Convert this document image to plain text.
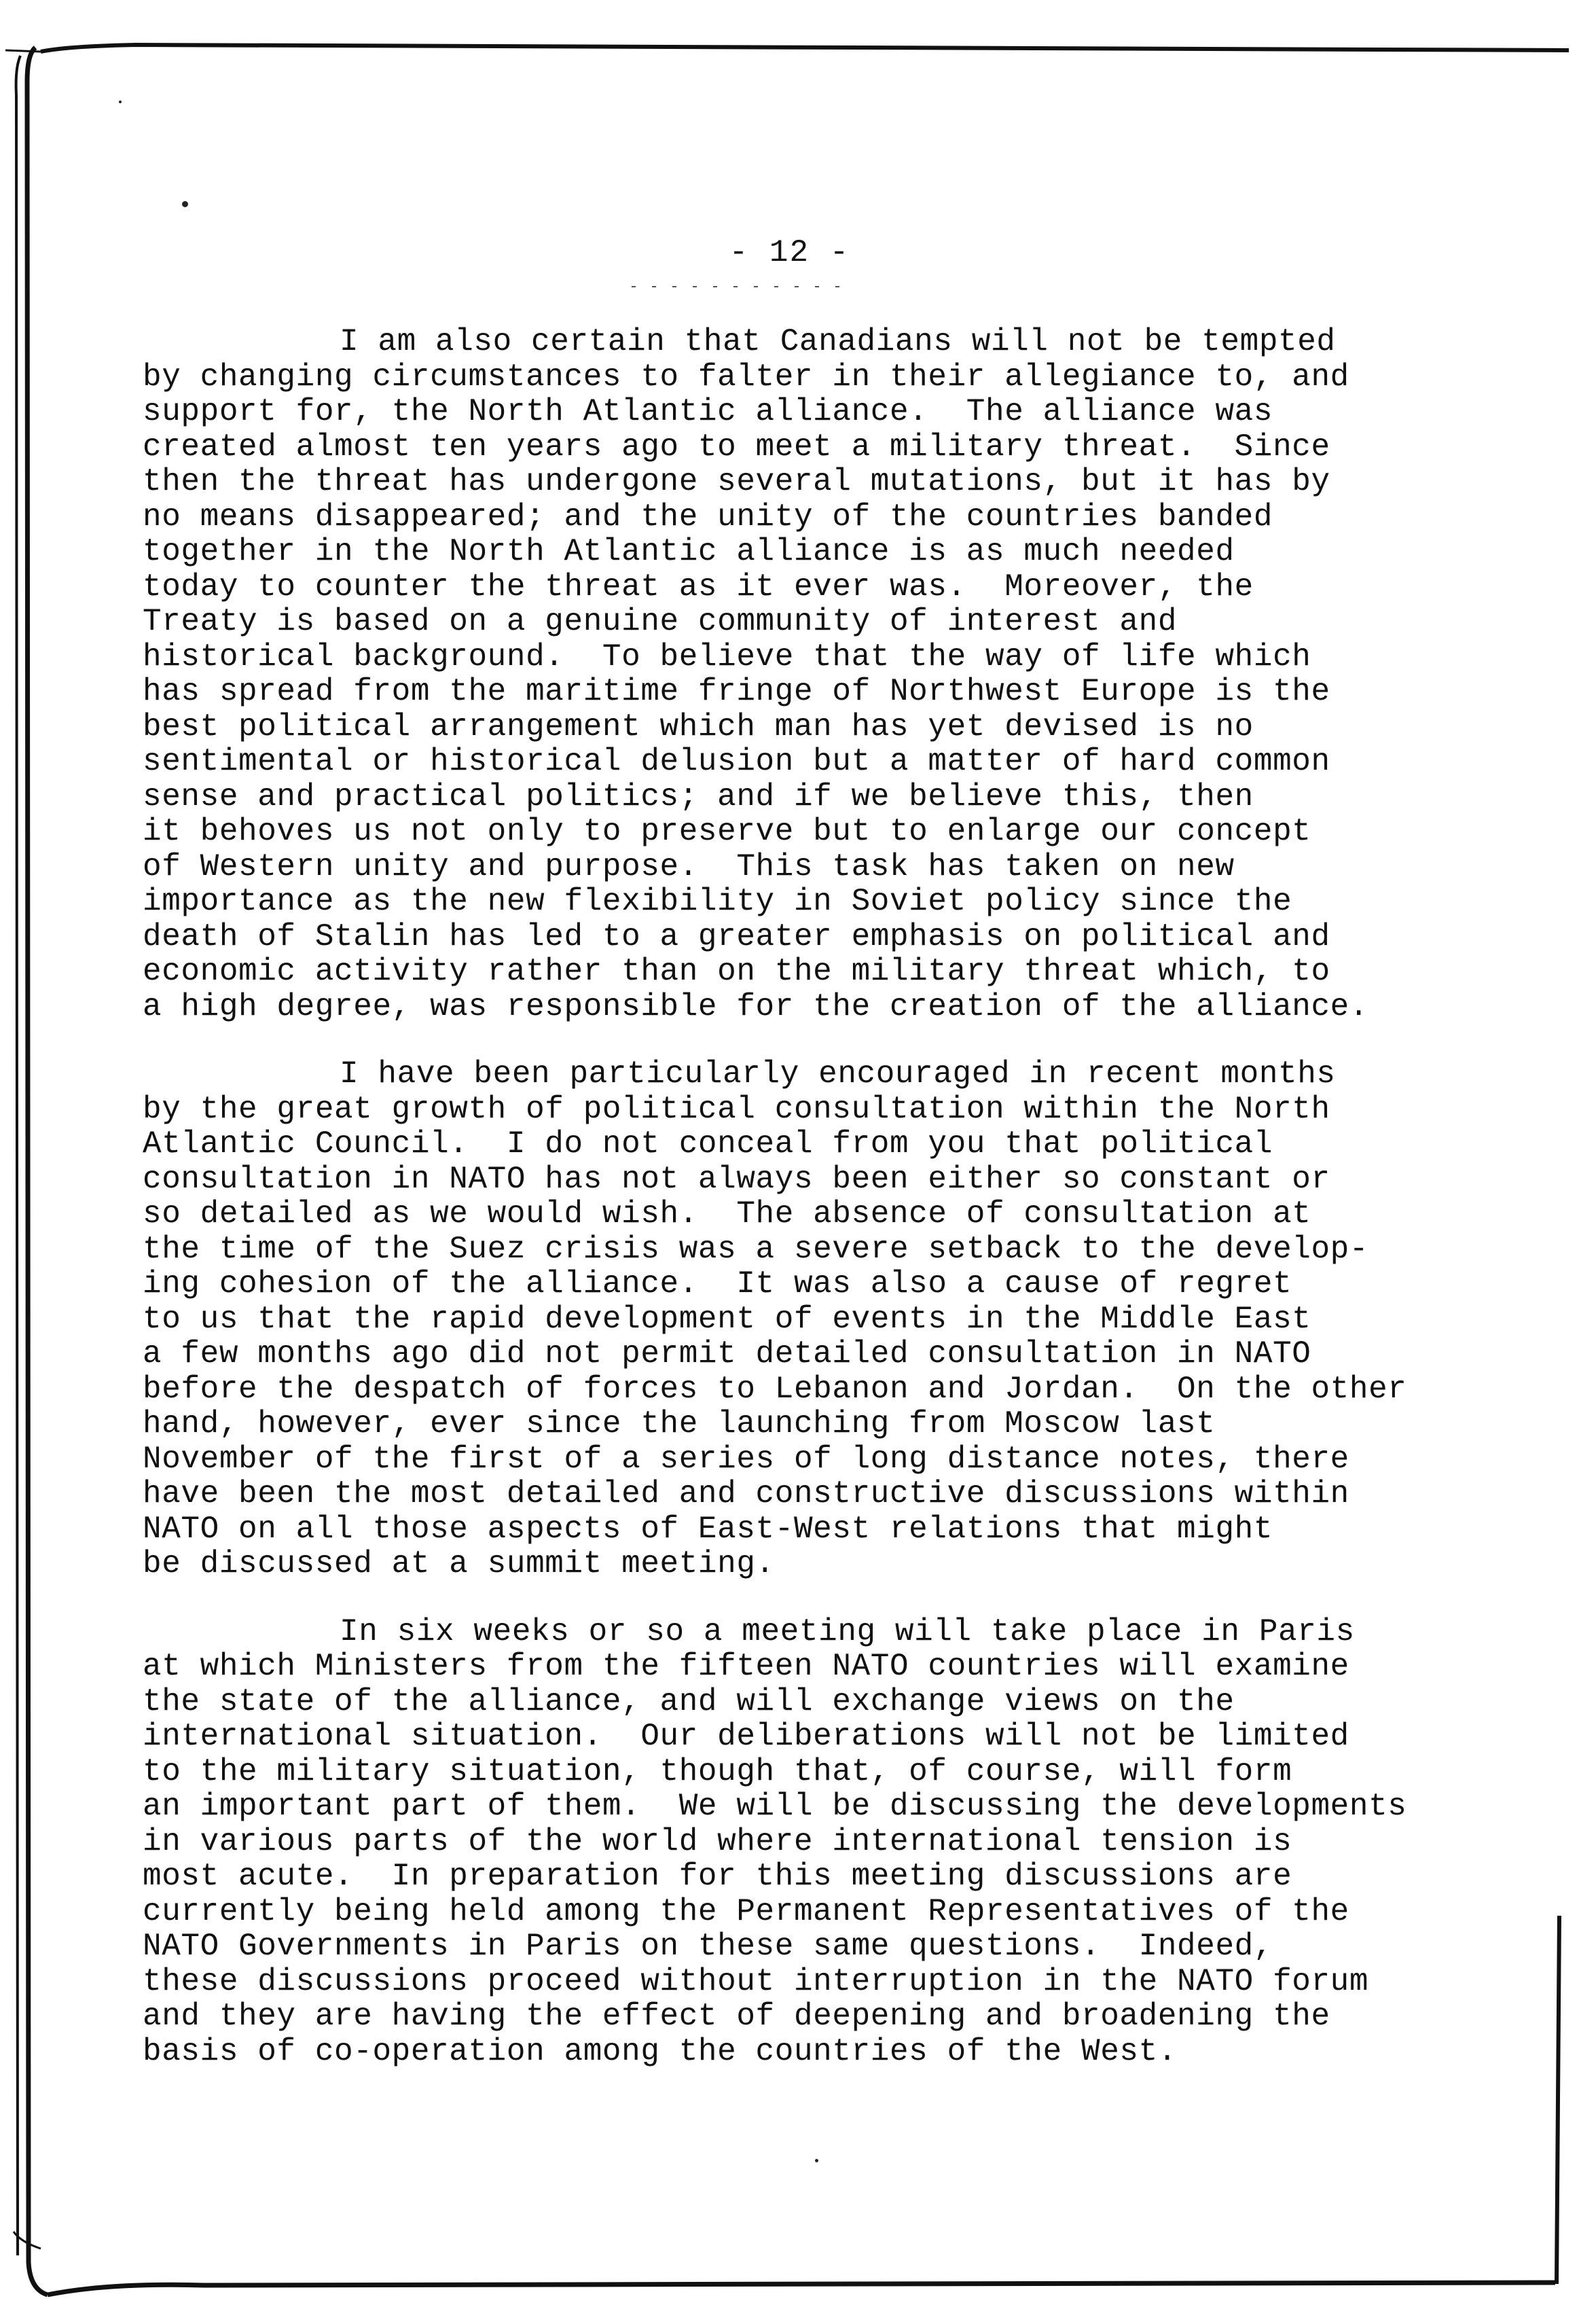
- 12 -
I am also certain that Canadians will not be tempted
by changing circumstances to falter in their allegiance to, and
support for, the North Atlantic alliance.  The alliance was
created almost ten years ago to meet a military threat.  Since
then the threat has undergone several mutations, but it has by
no means disappeared; and the unity of the countries banded
together in the North Atlantic alliance is as much needed
today to counter the threat as it ever was.  Moreover, the
Treaty is based on a genuine community of interest and
historical background.  To believe that the way of life which
has spread from the maritime fringe of Northwest Europe is the
best political arrangement which man has yet devised is no
sentimental or historical delusion but a matter of hard common
sense and practical politics; and if we believe this, then
it behoves us not only to preserve but to enlarge our concept
of Western unity and purpose.  This task has taken on new
importance as the new flexibility in Soviet policy since the
death of Stalin has led to a greater emphasis on political and
economic activity rather than on the military threat which, to
a high degree, was responsible for the creation of the alliance.
I have been particularly encouraged in recent months
by the great growth of political consultation within the North
Atlantic Council.  I do not conceal from you that political
consultation in NATO has not always been either so constant or
so detailed as we would wish.  The absence of consultation at
the time of the Suez crisis was a severe setback to the develop-
ing cohesion of the alliance.  It was also a cause of regret
to us that the rapid development of events in the Middle East
a few months ago did not permit detailed consultation in NATO
before the despatch of forces to Lebanon and Jordan.  On the other
hand, however, ever since the launching from Moscow last
November of the first of a series of long distance notes, there
have been the most detailed and constructive discussions within
NATO on all those aspects of East-West relations that might
be discussed at a summit meeting.
In six weeks or so a meeting will take place in Paris
at which Ministers from the fifteen NATO countries will examine
the state of the alliance, and will exchange views on the
international situation.  Our deliberations will not be limited
to the military situation, though that, of course, will form
an important part of them.  We will be discussing the developments
in various parts of the world where international tension is
most acute.  In preparation for this meeting discussions are
currently being held among the Permanent Representatives of the
NATO Governments in Paris on these same questions.  Indeed,
these discussions proceed without interruption in the NATO forum
and they are having the effect of deepening and broadening the
basis of co-operation among the countries of the West.
